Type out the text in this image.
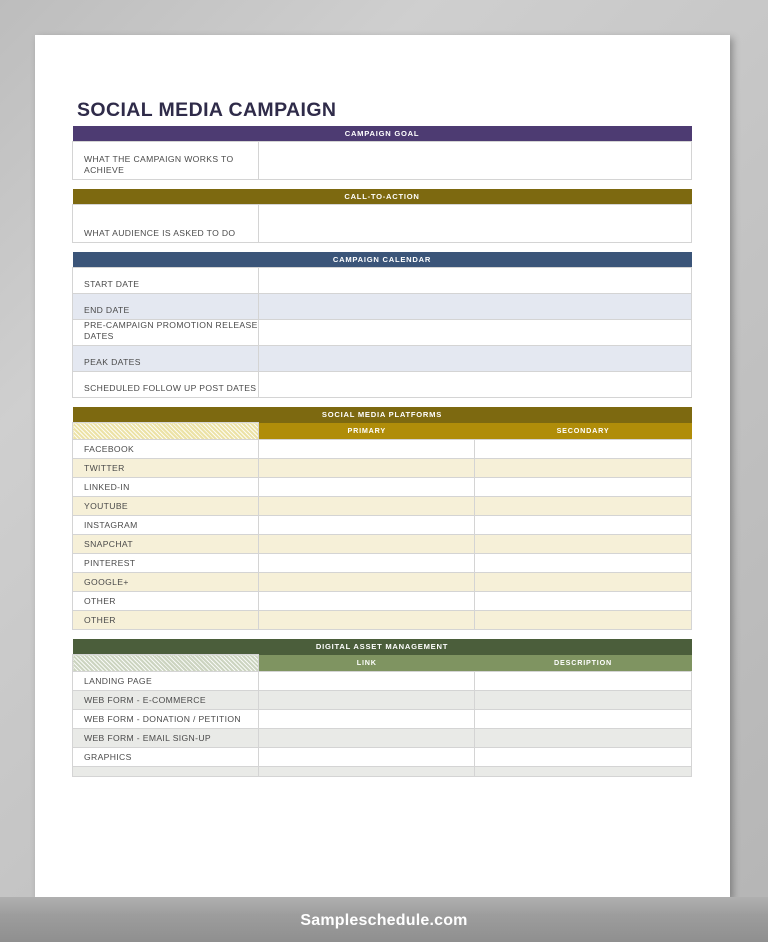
SOCIAL MEDIA CAMPAIGN
CAMPAIGN GOAL
WHAT THE CAMPAIGN WORKS TO ACHIEVE	
CALL-TO-ACTION
WHAT AUDIENCE IS ASKED TO DO	
CAMPAIGN CALENDAR	
START DATE	
END DATE	
PRE-CAMPAIGN PROMOTION RELEASE DATES	
PEAK DATES	
SCHEDULED FOLLOW UP POST DATES	
SOCIAL MEDIA PLATFORMS		
	PRIMARY	SECONDARY
FACEBOOK		
TWITTER		
LINKED-IN		
YOUTUBE		
INSTAGRAM		
SNAPCHAT		
PINTEREST		
GOOGLE+		
OTHER		
OTHER		
DIGITAL ASSET MANAGEMENT		
	LINK	DESCRIPTION
LANDING PAGE		
WEB FORM - E-COMMERCE		
WEB FORM - DONATION / PETITION		
WEB FORM - EMAIL SIGN-UP		
GRAPHICS		

Sampleschedule.com
